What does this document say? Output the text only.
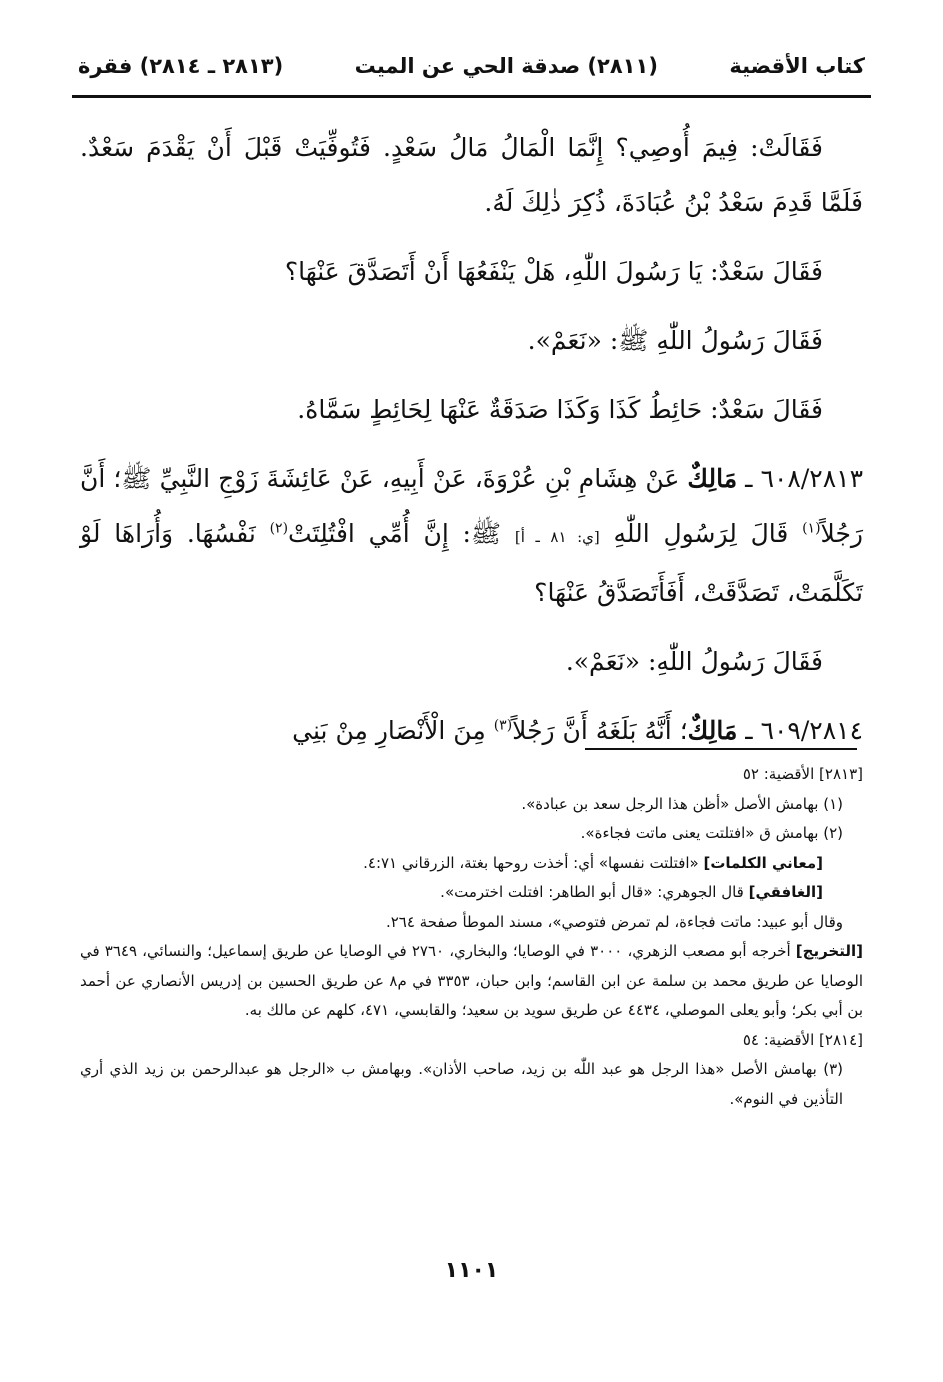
كتاب الأقضية
(٢٨١١) صدقة الحي عن الميت
(٢٨١٣ ـ ٢٨١٤) فقرة

فَقَالَتْ: فِيمَ أُوصِي؟ إِنَّمَا الْمَالُ مَالُ سَعْدٍ. فَتُوفِّيَتْ قَبْلَ أَنْ يَقْدَمَ سَعْدٌ. فَلَمَّا قَدِمَ سَعْدُ بْنُ عُبَادَةَ، ذُكِرَ ذٰلِكَ لَهُ.

فَقَالَ سَعْدٌ: يَا رَسُولَ اللّٰهِ، هَلْ يَنْفَعُهَا أَنْ أَتَصَدَّقَ عَنْهَا؟

فَقَالَ رَسُولُ اللّٰهِ ﷺ: «نَعَمْ».

فَقَالَ سَعْدٌ: حَائِطُ كَذَا وَكَذَا صَدَقَةٌ عَنْهَا لِحَائِطٍ سَمَّاهُ.

٦٠٨/٢٨١٣ ـ مَالِكٌ عَنْ هِشَامِ بْنِ عُرْوَةَ، عَنْ أَبِيهِ، عَنْ عَائِشَةَ زَوْجِ النَّبِيِّ ﷺ؛ أَنَّ رَجُلاً$^{(١)}$ قَالَ لِرَسُولِ اللّٰهِ [ي: ٨١ ـ أ] ﷺ: إِنَّ أُمِّي افْتُلِتَتْ$^{(٢)}$ نَفْسُهَا. وَأُرَاهَا لَوْ تَكَلَّمَتْ، تَصَدَّقَتْ، أَفَأَتَصَدَّقُ عَنْهَا؟

فَقَالَ رَسُولُ اللّٰهِ: «نَعَمْ».

٦٠٩/٢٨١٤ ـ مَالِكٌ؛ أَنَّهُ بَلَغَهُ أَنَّ رَجُلاً$^{(٣)}$ مِنَ الْأَنْصَارِ مِنْ بَنِي

[٢٨١٣] الأقضية: ٥٢

(١) بهامش الأصل «أظن هذا الرجل سعد بن عبادة».

(٢) بهامش ق «افتلتت يعنى ماتت فجاءة».

[معاني الكلمات] «افتلتت نفسها» أي: أخذت روحها بغتة، الزرقاني ٤:٧١.

[الغافقي] قال الجوهري: «قال أبو الطاهر: افتلت اخترمت».

وقال أبو عبيد: ماتت فجاءة، لم تمرض فتوصي»، مسند الموطأ صفحة ٢٦٤.

[التخريج] أخرجه أبو مصعب الزهري، ٣٠٠٠ في الوصايا؛ والبخاري، ٢٧٦٠ في الوصايا عن طريق إسماعيل؛ والنسائي، ٣٦٤٩ في الوصايا عن طريق محمد بن سلمة عن ابن القاسم؛ وابن حبان، ٣٣٥٣ في م٨ عن طريق الحسين بن إدريس الأنصاري عن أحمد بن أبي بكر؛ وأبو يعلى الموصلي، ٤٤٣٤ عن طريق سويد بن سعيد؛ والقابسي، ٤٧١، كلهم عن مالك به.

[٢٨١٤] الأقضية: ٥٤

(٣) بهامش الأصل «هذا الرجل هو عبد اللّٰه بن زيد، صاحب الأذان». وبهامش ب «الرجل هو عبدالرحمن بن زيد الذي أري التأذين في النوم».

١١٠١
